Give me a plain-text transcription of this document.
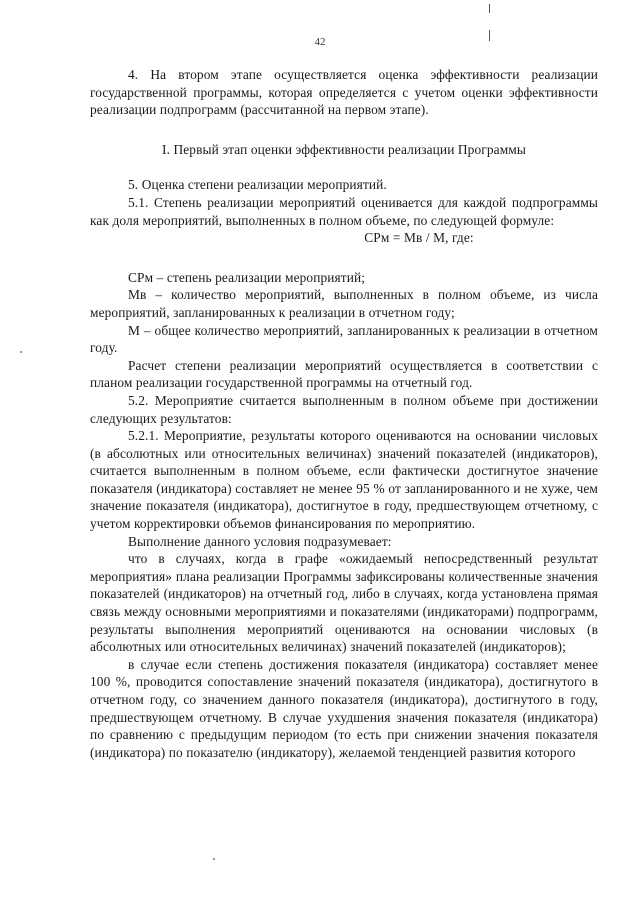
42

4. На втором этапе осуществляется оценка эффективности реализации государственной программы, которая определяется с учетом оценки эффективности реализации подпрограмм (рассчитанной на первом этапе).

I. Первый этап оценки эффективности реализации Программы

5. Оценка степени реализации мероприятий.

5.1. Степень реализации мероприятий оценивается для каждой подпрограммы как доля мероприятий, выполненных в полном объеме, по следующей формуле:

СРм = Мв / М, где:

СРм – степень реализации мероприятий;

Мв – количество мероприятий, выполненных в полном объеме, из числа мероприятий, запланированных к реализации в отчетном году;

М – общее количество мероприятий, запланированных к реализации в отчетном году.

Расчет степени реализации мероприятий осуществляется в соответствии с планом реализации государственной программы на отчетный год.

5.2. Мероприятие считается выполненным в полном объеме при достижении следующих результатов:

5.2.1. Мероприятие, результаты которого оцениваются на основании числовых (в абсолютных или относительных величинах) значений показателей (индикаторов), считается выполненным в полном объеме, если фактически достигнутое значение показателя (индикатора) составляет не менее 95 % от запланированного и не хуже, чем значение показателя (индикатора), достигнутое в году, предшествующем отчетному, с учетом корректировки объемов финансирования по мероприятию.

Выполнение данного условия подразумевает:

что в случаях, когда в графе «ожидаемый непосредственный результат мероприятия» плана реализации Программы зафиксированы количественные значения показателей (индикаторов) на отчетный год, либо в случаях, когда установлена прямая связь между основными мероприятиями и показателями (индикаторами) подпрограмм, результаты выполнения мероприятий оцениваются на основании числовых (в абсолютных или относительных величинах) значений показателей (индикаторов);

в случае если степень достижения показателя (индикатора) составляет менее 100 %, проводится сопоставление значений показателя (индикатора), достигнутого в отчетном году, со значением данного показателя (индикатора), достигнутого в году, предшествующем отчетному. В случае ухудшения значения показателя (индикатора) по сравнению с предыдущим периодом (то есть при снижении значения показателя (индикатора) по показателю (индикатору), желаемой тенденцией развития которого
